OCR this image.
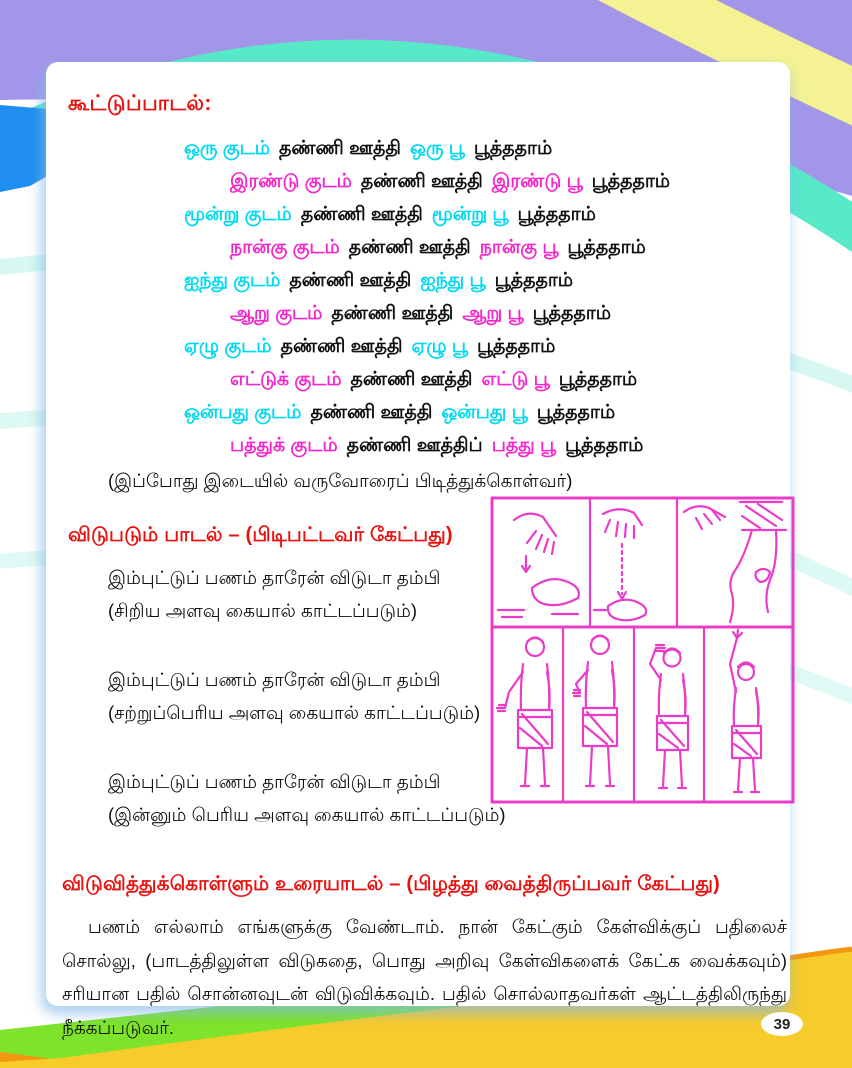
கூட்டுப்பாடல்:
ஒரு குடம் தண்ணி ஊத்தி ஒரு பூ பூத்ததாம்
இரண்டு குடம் தண்ணி ஊத்தி இரண்டு பூ பூத்ததாம்
மூன்று குடம் தண்ணி ஊத்தி மூன்று பூ பூத்ததாம்
நான்கு குடம் தண்ணி ஊத்தி நான்கு பூ பூத்ததாம்
ஐந்து குடம் தண்ணி ஊத்தி ஐந்து பூ பூத்ததாம்
ஆறு குடம் தண்ணி ஊத்தி ஆறு பூ பூத்ததாம்
ஏழு குடம் தண்ணி ஊத்தி ஏழு பூ பூத்ததாம்
எட்டுக் குடம் தண்ணி ஊத்தி எட்டு பூ பூத்ததாம்
ஒன்பது குடம் தண்ணி ஊத்தி ஒன்பது பூ பூத்ததாம்
பத்துக் குடம் தண்ணி ஊத்திப் பத்து பூ பூத்ததாம்
(இப்போது இடையில் வருவோரைப் பிடித்துக்கொள்வர்)
விடுபடும் பாடல் – (பிடிபட்டவர் கேட்பது)
இம்புட்டுப் பணம் தாரேன் விடுடா தம்பி
(சிறிய அளவு கையால் காட்டப்படும்)
இம்புட்டுப் பணம் தாரேன் விடுடா தம்பி
(சற்றுப்பெரிய அளவு கையால் காட்டப்படும்)
இம்புட்டுப் பணம் தாரேன் விடுடா தம்பி
(இன்னும் பெரிய அளவு கையால் காட்டப்படும்)
விடுவித்துக்கொள்ளும் உரையாடல் – (பிழத்து வைத்திருப்பவர் கேட்பது)
பணம் எல்லாம் எங்களுக்கு வேண்டாம். நான் கேட்கும் கேள்விக்குப் பதிலைச் சொல்லு, (பாடத்திலுள்ள விடுகதை, பொது அறிவு கேள்விகளைக் கேட்க வைக்கவும்) சரியான பதில் சொன்னவுடன் விடுவிக்கவும். பதில் சொல்லாதவர்கள் ஆட்டத்திலிருந்து நீக்கப்படுவர்.	39
